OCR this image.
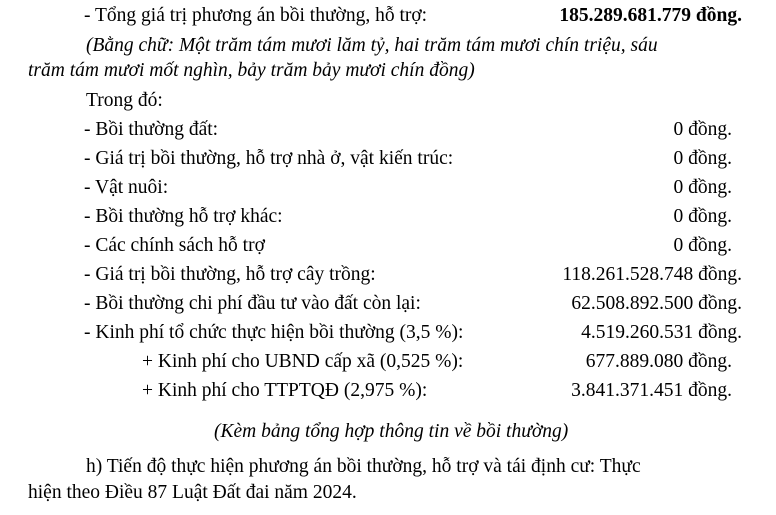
- Tổng giá trị phương án bồi thường, hỗ trợ:	185.289.681.779 đồng.
(Bằng chữ: Một trăm tám mươi lăm tỷ, hai trăm tám mươi chín triệu, sáu
trăm tám mươi mốt nghìn, bảy trăm bảy mươi chín đồng)
Trong đó:
- Bồi thường đất:	0 đồng.
- Giá trị bồi thường, hỗ trợ nhà ở, vật kiến trúc:	0 đồng.
- Vật nuôi:	0 đồng.
- Bồi thường hỗ trợ khác:	0 đồng.
- Các chính sách hỗ trợ	0 đồng.
- Giá trị bồi thường, hỗ trợ cây trồng:	118.261.528.748 đồng.
- Bồi thường chi phí đầu tư vào đất còn lại:	62.508.892.500 đồng.
- Kinh phí tổ chức thực hiện bồi thường (3,5 %):	4.519.260.531 đồng.
+ Kinh phí cho UBND cấp xã (0,525 %):	677.889.080 đồng.
+ Kinh phí cho TTPTQĐ (2,975 %):	3.841.371.451 đồng.
(Kèm bảng tổng hợp thông tin về bồi thường)
h) Tiến độ thực hiện phương án bồi thường, hỗ trợ và tái định cư: Thực
hiện theo Điều 87 Luật Đất đai năm 2024.
